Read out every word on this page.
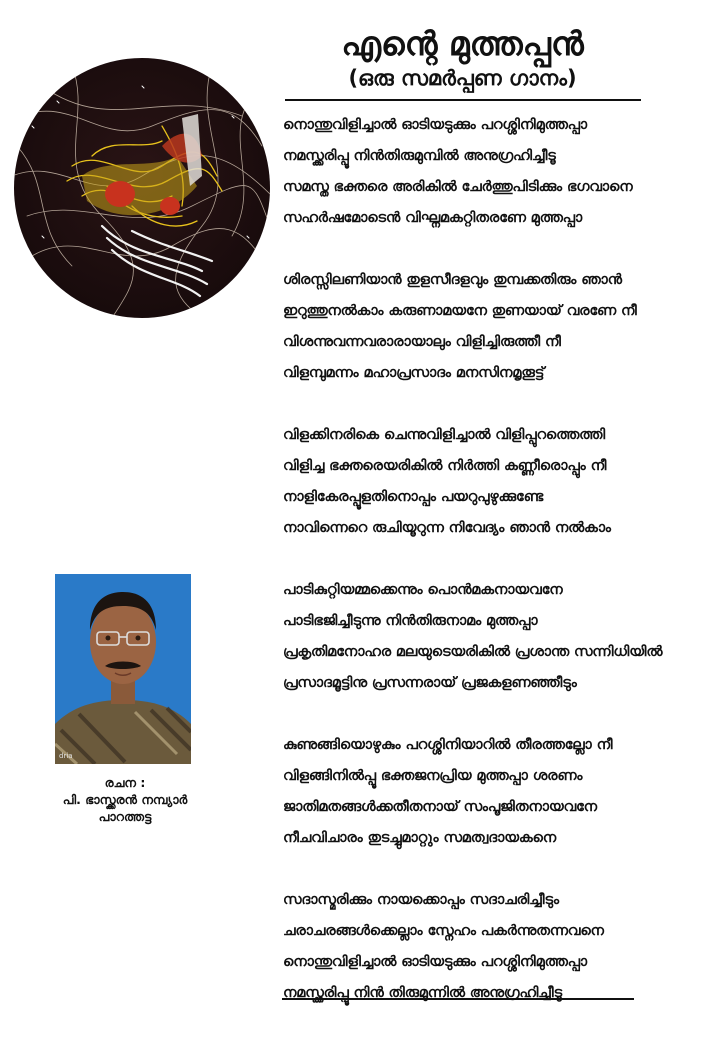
എന്റെ മുത്തപ്പൻ
(ഒരു സമർപ്പണ ഗാനം)
നൊന്തുവിളിച്ചാൽ ഓടിയടുക്കും പറശ്ശിനിമുത്തപ്പാ
നമസ്ക്കരിപ്പൂ നിൻതിരുമുമ്പിൽ അനുഗ്രഹിച്ചീടൂ
സമസ്ത ഭക്തരെ അരികിൽ ചേർത്തുപിടിക്കും ഭഗവാനെ
സഹർഷമോടെൻ വിഘ്നമകറ്റിതരണേ മുത്തപ്പാ
ശിരസ്സിലണിയാൻ തുളസീദളവും തുമ്പക്കതിരും ഞാൻ
ഇറുത്തുനൽകാം കരുണാമയനേ തുണയായ് വരണേ നീ
വിശന്നുവന്നവരാരായാലും വിളിച്ചിരുത്തീ നീ
വിളമ്പുമന്നം മഹാപ്രസാദം മനസിനമൃതൂട്ട്
വിളക്കിനരികെ ചെന്നുവിളിച്ചാൽ വിളിപ്പുറത്തെത്തി
വിളിച്ച ഭക്തരെയരികിൽ നിർത്തി കണ്ണീരൊപ്പും നീ
നാളികേരപ്പൂളതിനൊപ്പം പയറുപുഴുക്കുണ്ടേ
നാവിന്നെറെ രുചിയൂറുന്ന നിവേദ്യം ഞാൻ നൽകാം
പാടികുറ്റിയമ്മക്കെന്നും പൊൻമകനായവനേ
പാടിഭജിച്ചീടുന്നു നിൻതിരുനാമം മുത്തപ്പാ
പ്രകൃതിമനോഹര മലയുടെയരികിൽ പ്രശാന്ത സന്നിധിയിൽ
പ്രസാദമൂട്ടിനു പ്രസന്നരായ് പ്രജകളണഞ്ഞീടും
കുണുങ്ങിയൊഴുകും പറശ്ശിനിയാറിൽ തീരത്തല്ലോ നീ
വിളങ്ങിനിൽപ്പൂ ഭക്തജനപ്രിയ മുത്തപ്പാ ശരണം
ജാതിമതങ്ങൾക്കതീതനായ് സംപൂജിതനായവനേ
നീചവിചാരം തുടച്ചുമാറ്റും സമത്വദായകനെ
സദാസ്മരിക്കും നായക്കൊപ്പം സദാചരിച്ചീടും
ചരാചരങ്ങൾക്കെല്ലാം സ്നേഹം പകർന്നുതന്നവനെ
നൊന്തുവിളിച്ചാൽ ഓടിയടുക്കും പറശ്ശിനിമുത്തപ്പാ
നമസ്ക്കരിപ്പൂ നിൻ തിരുമുന്നിൽ അനുഗ്രഹിച്ചീടൂ
dria
രചന :
പി. ഭാസ്ക്കരൻ നമ്പ്യാർ
പാറത്തട്ട
